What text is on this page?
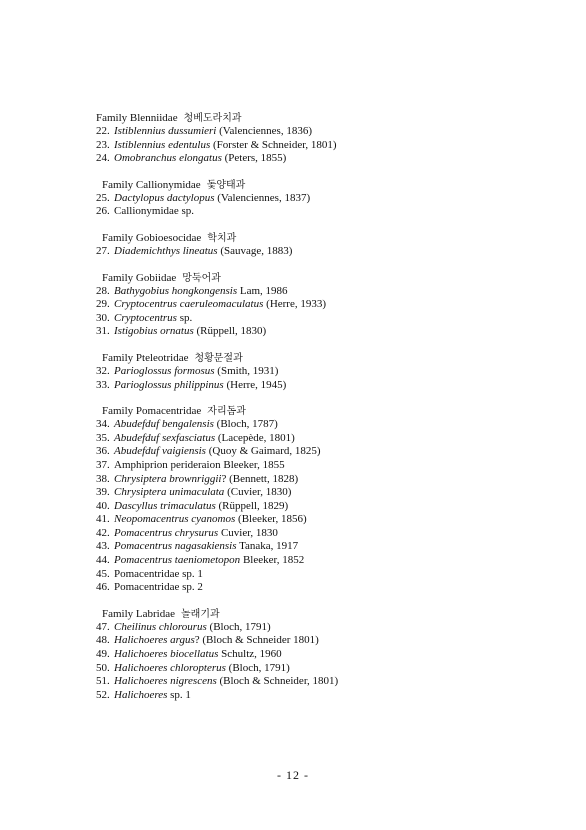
Family Blenniidae 청베도라치과
22. Istiblennius dussumieri (Valenciennes, 1836)
23. Istiblennius edentulus (Forster & Schneider, 1801)
24. Omobranchus elongatus (Peters, 1855)
Family Callionymidae 돛양태과
25. Dactylopus dactylopus (Valenciennes, 1837)
26. Callionymidae sp.
Family Gobioesocidae 학치과
27. Diademichthys lineatus (Sauvage, 1883)
Family Gobiidae 망둑어과
28. Bathygobius hongkongensis Lam, 1986
29. Cryptocentrus caeruleomaculatus (Herre, 1933)
30. Cryptocentrus sp.
31. Istigobius ornatus (Rüppell, 1830)
Family Pteleotridae 청황문절과
32. Parioglossus formosus (Smith, 1931)
33. Parioglossus philippinus (Herre, 1945)
Family Pomacentridae 자리돔과
34. Abudefduf bengalensis (Bloch, 1787)
35. Abudefduf sexfasciatus (Lacepède, 1801)
36. Abudefduf vaigiensis (Quoy & Gaimard, 1825)
37. Amphiprion perideraion Bleeker, 1855
38. Chrysiptera brownriggii? (Bennett, 1828)
39. Chrysiptera unimaculata (Cuvier, 1830)
40. Dascyllus trimaculatus (Rüppell, 1829)
41. Neopomacentrus cyanomos (Bleeker, 1856)
42. Pomacentrus chrysurus Cuvier, 1830
43. Pomacentrus nagasakiensis Tanaka, 1917
44. Pomacentrus taeniometopon Bleeker, 1852
45. Pomacentridae sp. 1
46. Pomacentridae sp. 2
Family Labridae 놀래기과
47. Cheilinus chlorourus (Bloch, 1791)
48. Halichoeres argus? (Bloch & Schneider 1801)
49. Halichoeres biocellatus Schultz, 1960
50. Halichoeres chloropterus (Bloch, 1791)
51. Halichoeres nigrescens (Bloch & Schneider, 1801)
52. Halichoeres sp. 1
- 12 -
